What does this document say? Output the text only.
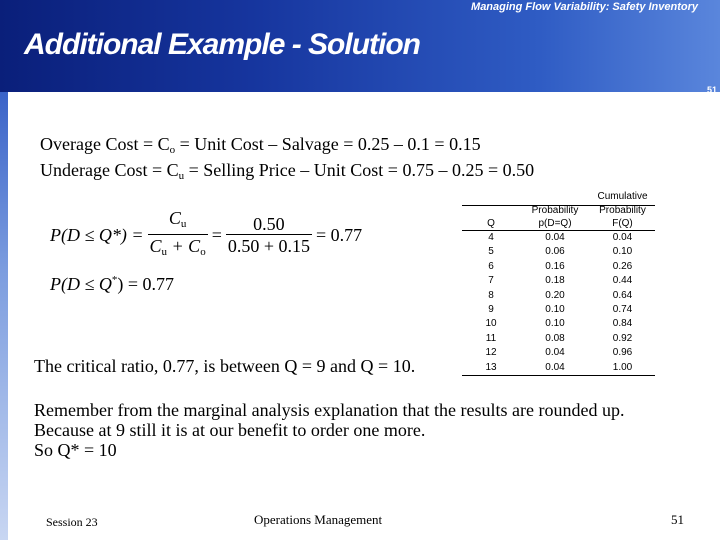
Managing Flow Variability: Safety Inventory
Additional Example - Solution
51
Overage Cost = $C_o$ = Unit Cost – Salvage = 0.25 – 0.1 = 0.15
Underage Cost = $C_u$ = Selling Price – Unit Cost = 0.75 – 0.25 = 0.50
$P(D \le Q*) = \frac{C_u}{C_u + C_o} = \frac{0.50}{0.50 + 0.15} = 0.77$
P(D ≤ Q*) = 0.77
The critical ratio, 0.77, is between Q = 9 and Q = 10.
Cumulative
Probability	Probability
Q	p(D=Q)	F(Q)
4	0.04	0.04
5	0.06	0.10
6	0.16	0.26
7	0.18	0.44
8	0.20	0.64
9	0.10	0.74
10	0.10	0.84
11	0.08	0.92
12	0.04	0.96
13	0.04	1.00
Remember from the marginal analysis explanation that the results are rounded up.
Because at 9 still it is at our benefit to order one more.
So Q* = 10
Session 23	Operations Management	51
